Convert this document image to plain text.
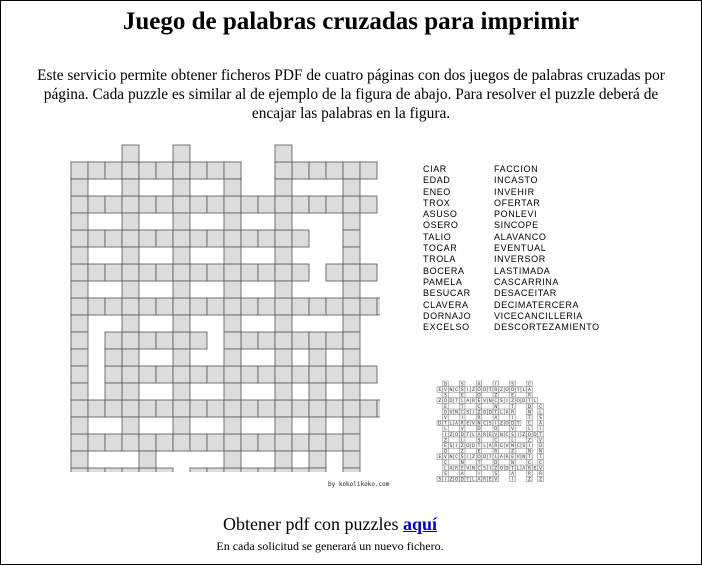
Juego de palabras cruzadas para imprimir

Este servicio permite obtener ficheros PDF de cuatro páginas con dos juegos de palabras cruzadas por página. Cada puzzle es similar al de ejemplo de la figura de abajo. Para resolver el puzzle deberá de encajar las palabras en la figura.

CIAR
EDAD
ENEO
TROX
ASUSO
OSERO
TALIO
TOCAR
TROLA
BOCERA
PAMELA
BESUCAR
CLAVERA
DORNAJO
EXCELSO
FACCION
INCASTO
INVEHIR
OFERTAR
PONLEVI
SINCOPE
ALAVANCO
EVENTUAL
INVERSOR
LASTIMADA
CASCARRINA
DESACEITAR
DECIMATERCERA
VICECANCILLERIA
DESCORTEZAMIENTO
E V N C S I Z O D T Z O D T L A
Z O D T L A R E V N C S I Z O D T L
V N C S I Z O D T L A R
D T L A R E V N C S I Z O D T
I Z O D T L A R E V N C S I Z O D T
S I Z O D T L A R E V N C S I
E V N C S I Z O D T L A R E V N
A R E V N C S I Z O D T L A R E V
S I Z O D T L A R E V
D
S
E
O
V
L
Z
E
O
C
L
S
S
E
T
I
V
L
Z
N
A
A
O
C
R
D
S
E
T
I
I
R
Z
N
A
O
C
R
D
S
S
E
T
I
V
L
Z
N
A
I
C
R
D
N
T
C
L
Z
N
T
C
R
Z
C
L
S
A
I
V
D
N
T
C
R
Z
by kokolikoko.com
Obtener pdf con puzzles aquí
En cada solicitud se generará un nuevo fichero.
